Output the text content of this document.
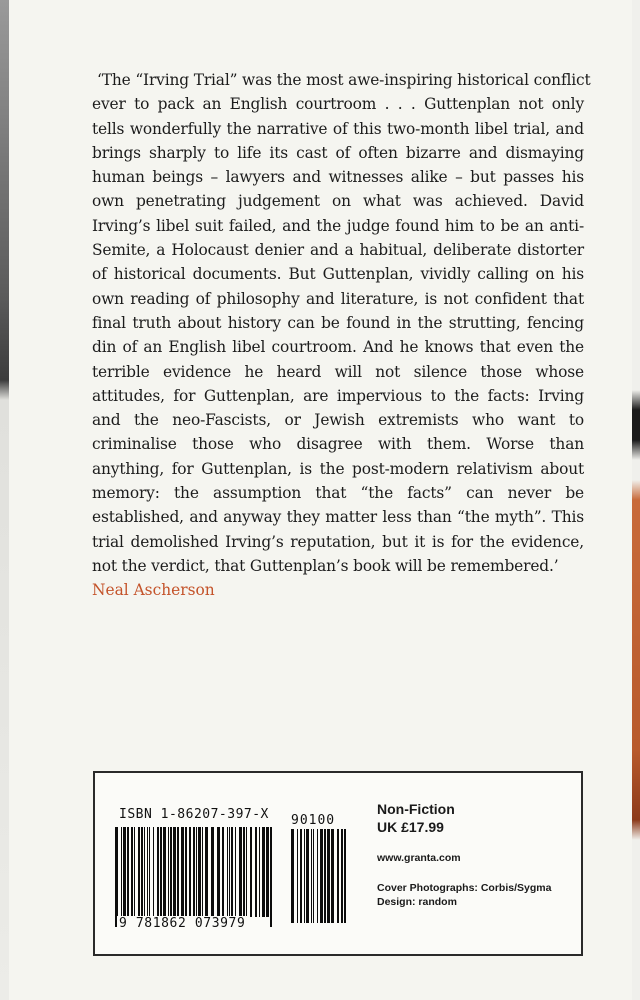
‘The “Irving Trial” was the most awe-inspiring historical conflict
ever to pack an English courtroom . . . Guttenplan not only
tells wonderfully the narrative of this two-month libel trial, and
brings sharply to life its cast of often bizarre and dismaying
human beings – lawyers and witnesses alike – but passes his
own penetrating judgement on what was achieved. David
Irving’s libel suit failed, and the judge found him to be an anti-
Semite, a Holocaust denier and a habitual, deliberate distorter
of historical documents. But Guttenplan, vividly calling on his
own reading of philosophy and literature, is not confident that
final truth about history can be found in the strutting, fencing
din of an English libel courtroom. And he knows that even the
terrible evidence he heard will not silence those whose
attitudes, for Guttenplan, are impervious to the facts: Irving
and the neo-Fascists, or Jewish extremists who want to
criminalise those who disagree with them. Worse than
anything, for Guttenplan, is the post-modern relativism about
memory: the assumption that “the facts” can never be
established, and anyway they matter less than “the myth”. This
trial demolished Irving’s reputation, but it is for the evidence,
not the verdict, that Guttenplan’s book will be remembered.’
Neal Ascherson
ISBN 1-86207-397-X
9 781862 073979
90100
Non-Fiction
UK £17.99
www.granta.com
Cover Photographs: Corbis/Sygma
Design: random
